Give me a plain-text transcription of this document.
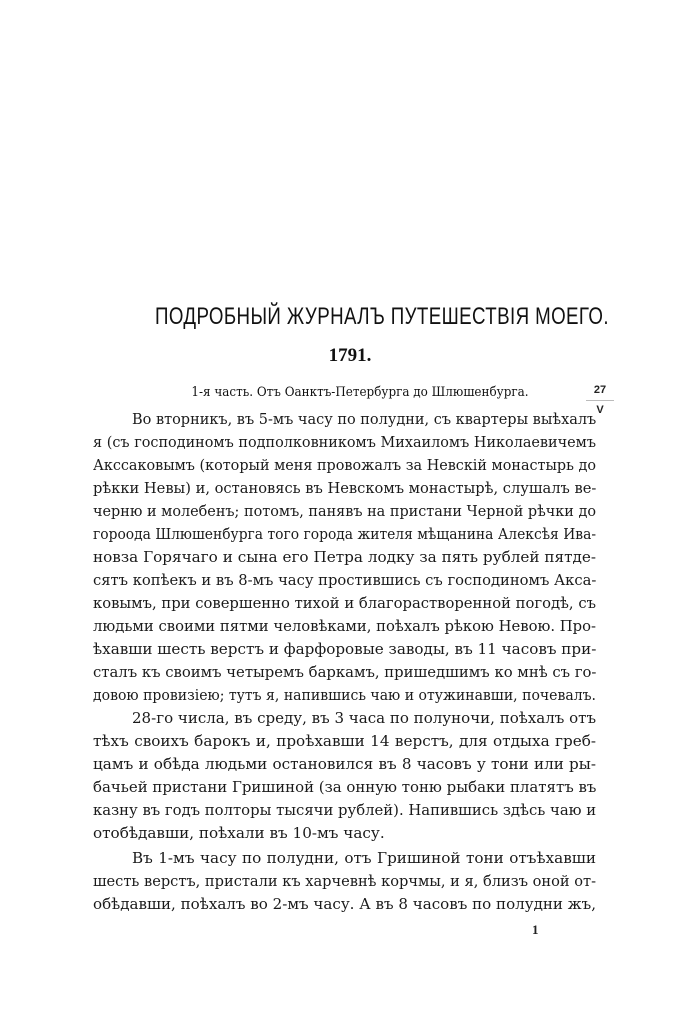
ПОДРОБНЫЙ ЖУРНАЛЪ ПУТЕШЕСТВІЯ МОЕГО.
1791.
1-я часть. Отъ Оанктъ-Петербурга до Шлюшенбурга.	27
V
Во вторникъ, въ 5-мъ часу по полудни, съ квартеры выѣхалъ
я (съ господиномъ подполковникомъ Михаиломъ Николаевичемъ
Акссаковымъ (который меня провожалъ за Невскій монастырь до
рѣкки Невы) и, остановясь въ Невскомъ монастырѣ, слушалъ ве-
черню и молебенъ; потомъ, панявъ на пристани Черной рѣчки до
гороода Шлюшенбурга того города жителя мѣщанина Алексѣя Ива-
новза Горячаго и сына его Петра лодку за пять рублей пятде-
сятъ копѣекъ и въ 8-мъ часу простившись съ господиномъ Акса-
ковымъ, при совершенно тихой и благорастворенной погодѣ, съ
людьми своими пятми человѣками, поѣхалъ рѣкою Невою. Про-
ѣхавши шесть верстъ и фарфоровые заводы, въ 11 часовъ при-
сталъ къ своимъ четыремъ баркамъ, пришедшимъ ко мнѣ съ го-
довою провизіею; тутъ я, напившись чаю и отужинавши, почевалъ.
28-го числа, въ среду, въ 3 часа по полуночи, поѣхалъ отъ
тѣхъ своихъ барокъ и, проѣхавши 14 верстъ, для отдыха греб-
цамъ и обѣда людьми остановился въ 8 часовъ у тони или ры-
бачьей пристани Гришиной (за онную тоню рыбаки платятъ въ
казну въ годъ полторы тысячи рублей). Напившись здѣсь чаю и
отобѣдавши, поѣхали въ 10-мъ часу.
Въ 1-мъ часу по полудни, отъ Гришиной тони отъѣхавши
шесть верстъ, пристали къ харчевнѣ корчмы, и я, близъ оной от-
обѣдавши, поѣхалъ во 2-мъ часу. А въ 8 часовъ по полудни жъ,
1
